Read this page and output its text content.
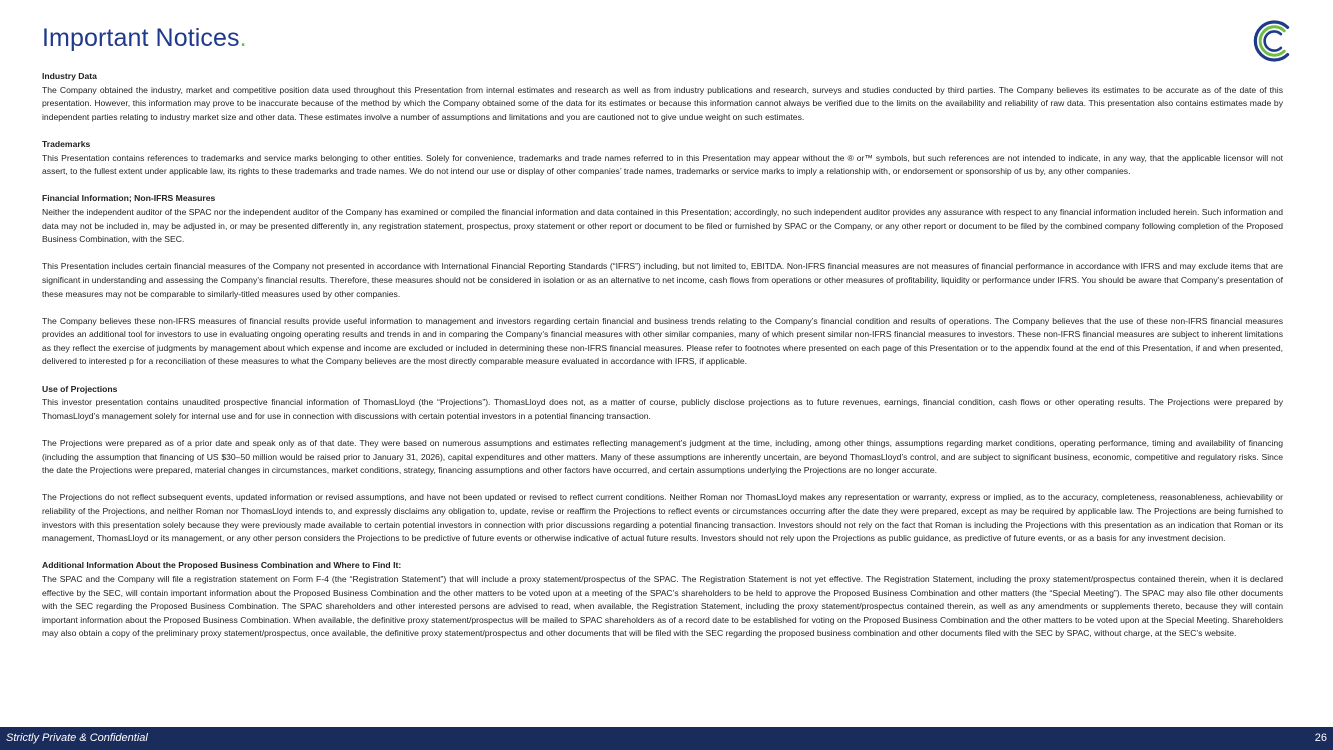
Important Notices.

Industry Data

The Company obtained the industry, market and competitive position data used throughout this Presentation from internal estimates and research as well as from industry publications and research, surveys and studies conducted by third parties. The Company believes its estimates to be accurate as of the date of this presentation. However, this information may prove to be inaccurate because of the method by which the Company obtained some of the data for its estimates or because this information cannot always be verified due to the limits on the availability and reliability of raw data. This presentation also contains estimates made by independent parties relating to industry market size and other data. These estimates involve a number of assumptions and limitations and you are cautioned not to give undue weight on such estimates.

Trademarks

This Presentation contains references to trademarks and service marks belonging to other entities. Solely for convenience, trademarks and trade names referred to in this Presentation may appear without the ® or™ symbols, but such references are not intended to indicate, in any way, that the applicable licensor will not assert, to the fullest extent under applicable law, its rights to these trademarks and trade names. We do not intend our use or display of other companies’ trade names, trademarks or service marks to imply a relationship with, or endorsement or sponsorship of us by, any other companies.

Financial Information; Non-IFRS Measures

Neither the independent auditor of the SPAC nor the independent auditor of the Company has examined or compiled the financial information and data contained in this Presentation; accordingly, no such independent auditor provides any assurance with respect to any financial information included herein. Such information and data may not be included in, may be adjusted in, or may be presented differently in, any registration statement, prospectus, proxy statement or other report or document to be filed or furnished by SPAC or the Company, or any other report or document to be filed by the combined company following completion of the Proposed Business Combination, with the SEC.

This Presentation includes certain financial measures of the Company not presented in accordance with International Financial Reporting Standards (“IFRS”) including, but not limited to, EBITDA. Non-IFRS financial measures are not measures of financial performance in accordance with IFRS and may exclude items that are significant in understanding and assessing the Company’s financial results. Therefore, these measures should not be considered in isolation or as an alternative to net income, cash flows from operations or other measures of profitability, liquidity or performance under IFRS. You should be aware that Company’s presentation of these measures may not be comparable to similarly-titled measures used by other companies.

The Company believes these non-IFRS measures of financial results provide useful information to management and investors regarding certain financial and business trends relating to the Company’s financial condition and results of operations. The Company believes that the use of these non-IFRS financial measures provides an additional tool for investors to use in evaluating ongoing operating results and trends in and in comparing the Company’s financial measures with other similar companies, many of which present similar non-IFRS financial measures to investors. These non-IFRS financial measures are subject to inherent limitations as they reflect the exercise of judgments by management about which expense and income are excluded or included in determining these non-IFRS financial measures. Please refer to footnotes where presented on each page of this Presentation or to the appendix found at the end of this Presentation, if and when presented, delivered to interested p for a reconciliation of these measures to what the Company believes are the most directly comparable measure evaluated in accordance with IFRS, if applicable.

Use of Projections

This investor presentation contains unaudited prospective financial information of ThomasLloyd (the “Projections”). ThomasLloyd does not, as a matter of course, publicly disclose projections as to future revenues, earnings, financial condition, cash flows or other operating results. The Projections were prepared by ThomasLloyd’s management solely for internal use and for use in connection with discussions with certain potential investors in a potential financing transaction.

The Projections were prepared as of a prior date and speak only as of that date. They were based on numerous assumptions and estimates reflecting management’s judgment at the time, including, among other things, assumptions regarding market conditions, operating performance, timing and availability of financing (including the assumption that financing of US $30–50 million would be raised prior to January 31, 2026), capital expenditures and other matters. Many of these assumptions are inherently uncertain, are beyond ThomasLloyd’s control, and are subject to significant business, economic, competitive and regulatory risks. Since the date the Projections were prepared, material changes in circumstances, market conditions, strategy, financing assumptions and other factors have occurred, and certain assumptions underlying the Projections are no longer accurate.

The Projections do not reflect subsequent events, updated information or revised assumptions, and have not been updated or revised to reflect current conditions. Neither Roman nor ThomasLloyd makes any representation or warranty, express or implied, as to the accuracy, completeness, reasonableness, achievability or reliability of the Projections, and neither Roman nor ThomasLloyd intends to, and expressly disclaims any obligation to, update, revise or reaffirm the Projections to reflect events or circumstances occurring after the date they were prepared, except as may be required by applicable law. The Projections are being furnished to investors with this presentation solely because they were previously made available to certain potential investors in connection with prior discussions regarding a potential financing transaction. Investors should not rely on the fact that Roman is including the Projections with this presentation as an indication that Roman or its management, ThomasLloyd or its management, or any other person considers the Projections to be predictive of future events or otherwise indicative of actual future results. Investors should not rely upon the Projections as public guidance, as predictive of future events, or as a basis for any investment decision.

Additional Information About the Proposed Business Combination and Where to Find It:

The SPAC and the Company will file a registration statement on Form F-4 (the “Registration Statement”) that will include a proxy statement/prospectus of the SPAC. The Registration Statement is not yet effective. The Registration Statement, including the proxy statement/prospectus contained therein, when it is declared effective by the SEC, will contain important information about the Proposed Business Combination and the other matters to be voted upon at a meeting of the SPAC’s shareholders to be held to approve the Proposed Business Combination and other matters (the “Special Meeting”). The SPAC may also file other documents with the SEC regarding the Proposed Business Combination. The SPAC shareholders and other interested persons are advised to read, when available, the Registration Statement, including the proxy statement/prospectus contained therein, as well as any amendments or supplements thereto, because they will contain important information about the Proposed Business Combination. When available, the definitive proxy statement/prospectus will be mailed to SPAC shareholders as of a record date to be established for voting on the Proposed Business Combination and the other matters to be voted upon at the Special Meeting. Shareholders may also obtain a copy of the preliminary proxy statement/prospectus, once available, the definitive proxy statement/prospectus and other documents that will be filed with the SEC regarding the proposed business combination and other documents filed with the SEC by SPAC, without charge, at the SEC’s website.

Strictly Private & Confidential	26
